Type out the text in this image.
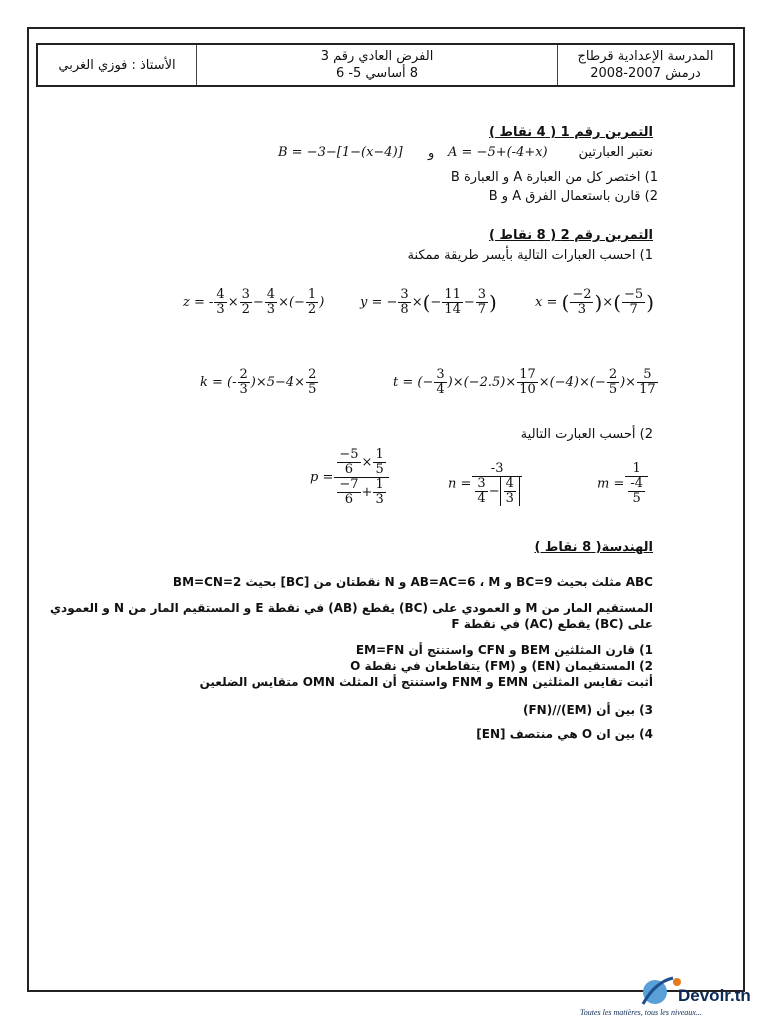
المدرسة الإعدادية قرطاج
درمش 2007-2008
الفرض العادي رقم 3
8 أساسي 5- 6
الأستاذ : فوزي الغربي
التمرين رقم 1 ( 4 نقاط )
نعتبر العبارتين
A = −5+(-4+x)
و
B = −3−[1−(x−4)]
1) اختصر كل من العبارة A و العبارة B
2) قارن باستعمال الفرق A و B
التمرين رقم 2 ( 8 نقاط )
1) احسب العبارات التالية بأيسر طريقة ممكنة
x = ( $\frac{-2}{3}$ )×( $\frac{-5}{7}$ )
y = − $\frac{3}{8}$ ×(− $\frac{11}{14} - \frac{3}{7}$ )
z = - $\frac{4}{3} \times \frac{3}{2} - \frac{4}{3}$ ×(− $\frac{1}{2}$ )
t = (− $\frac{3}{4} )\times(-2.5)\times \frac{17}{10} \times(-4)\times(- \frac{2}{5}$ )× $\frac{5}{17}$
k = (- $\frac{2}{3} )\times 5-4\times \frac{2}{5}$
2) أحسب العبارت التالية
$m = \frac{1}{\frac{-4}{5}}$
$n = \frac{-3}{\frac{3}{4} - \frac{4}{3}}$
$p = \frac{\frac{-5}{6} \times \frac{1}{5}}{\frac{-7}{6} + \frac{1}{3}}$
الهندسة( 8 نقاط )
ABC مثلث بحيث BC=9 و AB=AC=6 ، M و N نقطتان من [BC] بحيث BM=CN=2
المستقيم المار من M و العمودي على (BC) يقطع (AB) في نقطة E و المستقيم المار من N و العمودي
على (BC) يقطع (AC) في نقطة F
1) قارن المثلثين BEM و CFN واستنتج أن EM=FN
2) المستقيمان (EN) و (FM) يتقاطعان في نقطة O
أثبت تقايس المثلثين EMN و FNM واستنتج أن المثلث OMN متقايس الضلعين
3) بين أن (EM)//(FN)
4) بين ان O هي منتصف [EN]
Devoir.tn
Toutes les matières, tous les niveaux...
